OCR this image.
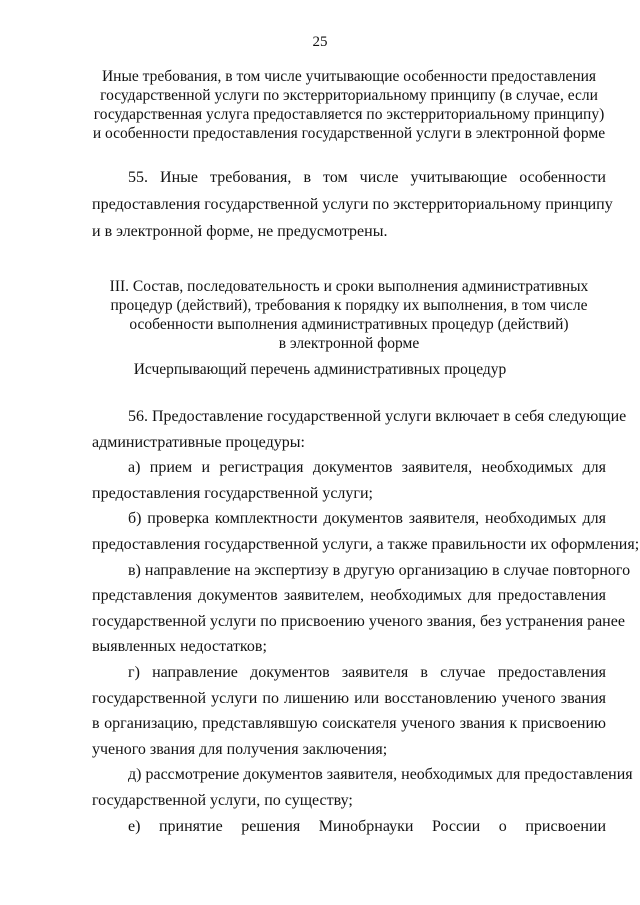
25
Иные требования, в том числе учитывающие особенности предоставления
государственной услуги по экстерриториальному принципу (в случае, если
государственная услуга предоставляется по экстерриториальному принципу)
и особенности предоставления государственной услуги в электронной форме
55. Иные требования, в том числе учитывающие особенности
предоставления государственной услуги по экстерриториальному принципу
и в электронной форме, не предусмотрены.
III. Состав, последовательность и сроки выполнения административных
процедур (действий), требования к порядку их выполнения, в том числе
особенности выполнения административных процедур (действий)
в электронной форме
Исчерпывающий перечень административных процедур
56. Предоставление государственной услуги включает в себя следующие
административные процедуры:
а) прием и регистрация документов заявителя, необходимых для
предоставления государственной услуги;
б) проверка комплектности документов заявителя, необходимых для
предоставления государственной услуги, а также правильности их оформления;
в) направление на экспертизу в другую организацию в случае повторного
представления документов заявителем, необходимых для предоставления
государственной услуги по присвоению ученого звания, без устранения ранее
выявленных недостатков;
г) направление документов заявителя в случае предоставления
государственной услуги по лишению или восстановлению ученого звания
в организацию, представлявшую соискателя ученого звания к присвоению
ученого звания для получения заключения;
д) рассмотрение документов заявителя, необходимых для предоставления
государственной услуги, по существу;
е) принятие решения Минобрнауки России о присвоении
